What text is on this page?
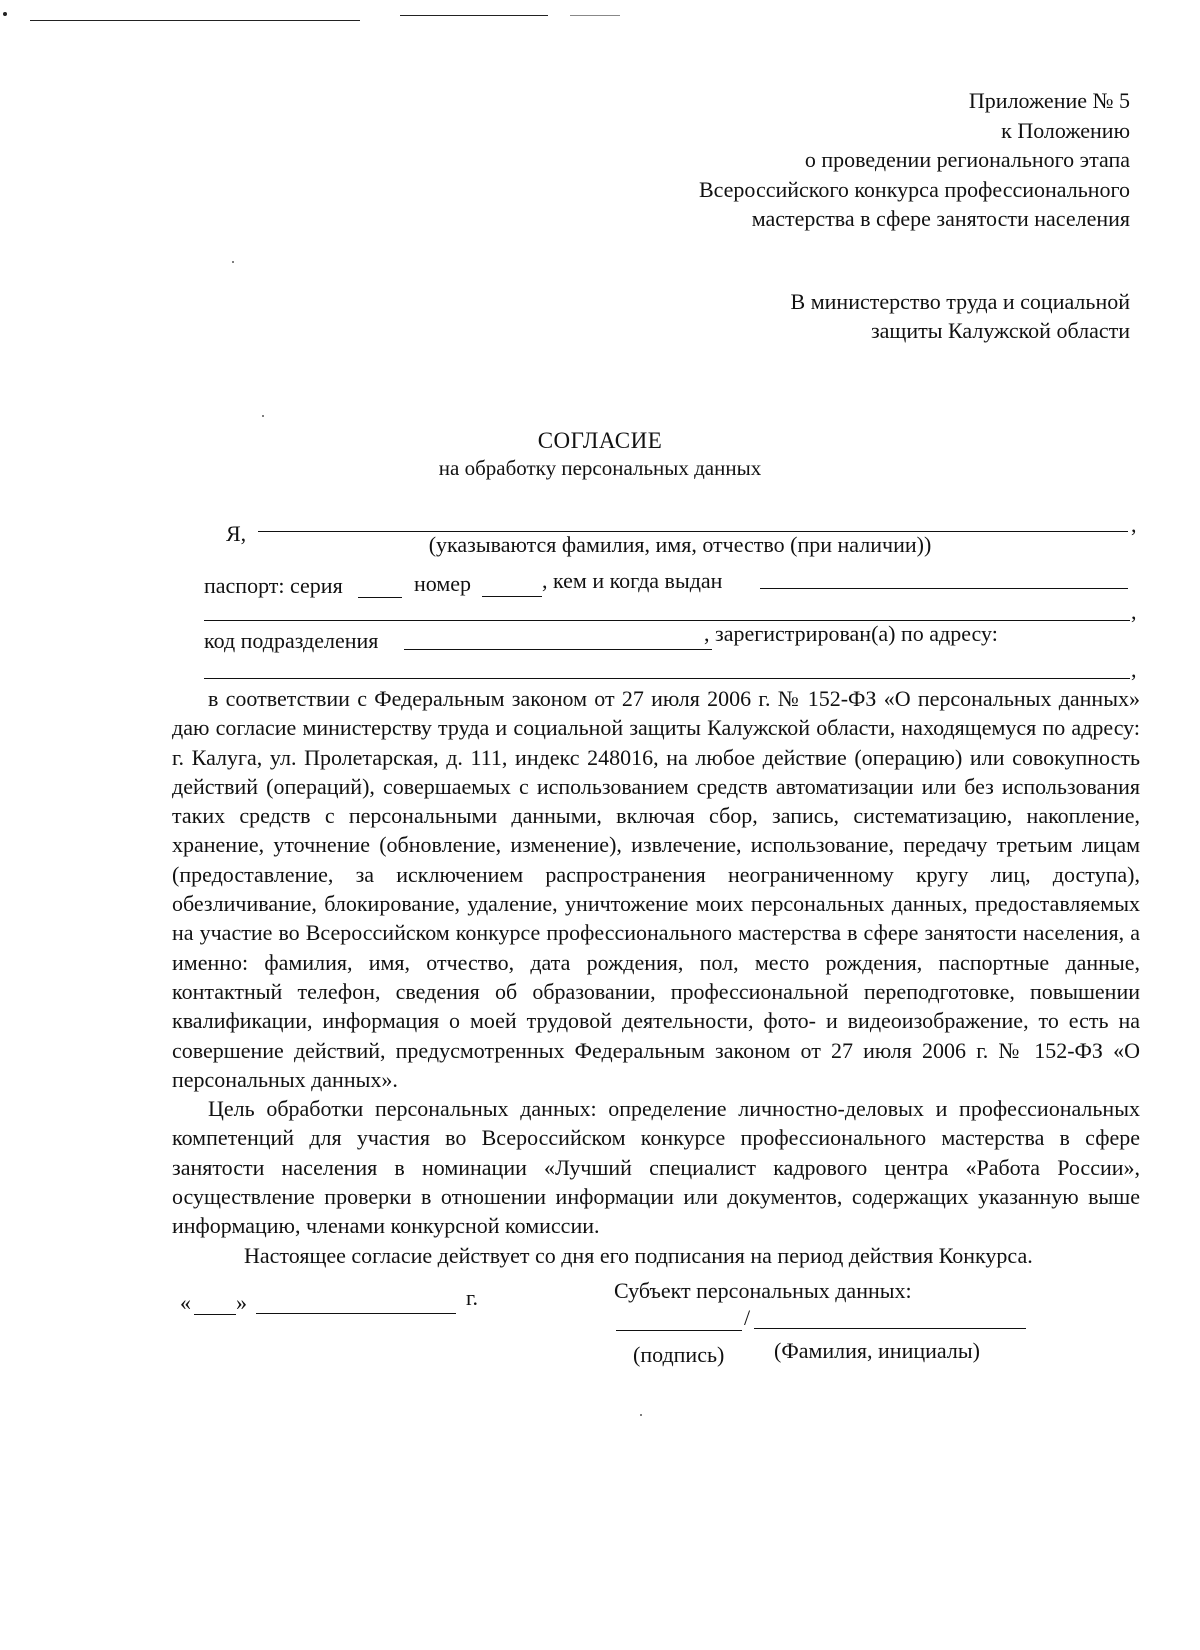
Приложение № 5
к Положению
о проведении регионального этапа
Всероссийского конкурса профессионального
мастерства в сфере занятости населения
В министерство труда и социальной
защиты Калужской области
СОГЛАСИЕ
на обработку персональных данных
Я,	,
(указываются фамилия, имя, отчество (при наличии))
паспорт: серия	номер	, кем и когда выдан
,
код подразделения	, зарегистрирован(а) по адресу:
,

в соответствии с Федеральным законом от 27 июля 2006 г. № 152-ФЗ «О персональных данных» даю согласие министерству труда и социальной защиты Калужской области, находящемуся по адресу: г. Калуга, ул. Пролетарская, д. 111, индекс 248016, на любое действие (операцию) или совокупность действий (операций), совершаемых с использованием средств автоматизации или без использования таких средств с персональными данными, включая сбор, запись, систематизацию, накопление, хранение, уточнение (обновление, изменение), извлечение, использование, передачу третьим лицам (предоставление, за исключением распространения неограниченному кругу лиц, доступа), обезличивание, блокирование, удаление, уничтожение моих персональных данных, предоставляемых на участие во Всероссийском конкурсе профессионального мастерства в сфере занятости населения, а именно: фамилия, имя, отчество, дата рождения, пол, место рождения, паспортные данные, контактный телефон, сведения об образовании, профессиональной переподготовке, повышении квалификации, информация о моей трудовой деятельности, фото- и видеоизображение, то есть на совершение действий, предусмотренных Федеральным законом от 27 июля 2006 г. № 152-ФЗ «О персональных данных».

Цель обработки персональных данных: определение личностно-деловых и профессиональных компетенций для участия во Всероссийском конкурсе профессионального мастерства в сфере занятости населения в номинации «Лучший специалист кадрового центра «Работа России», осуществление проверки в отношении информации или документов, содержащих указанную выше информацию, членами конкурсной комиссии.

Настоящее согласие действует со дня его подписания на период действия Конкурса.

« »	г.	Субъект персональных данных:
/
(подпись) (Фамилия, инициалы)
